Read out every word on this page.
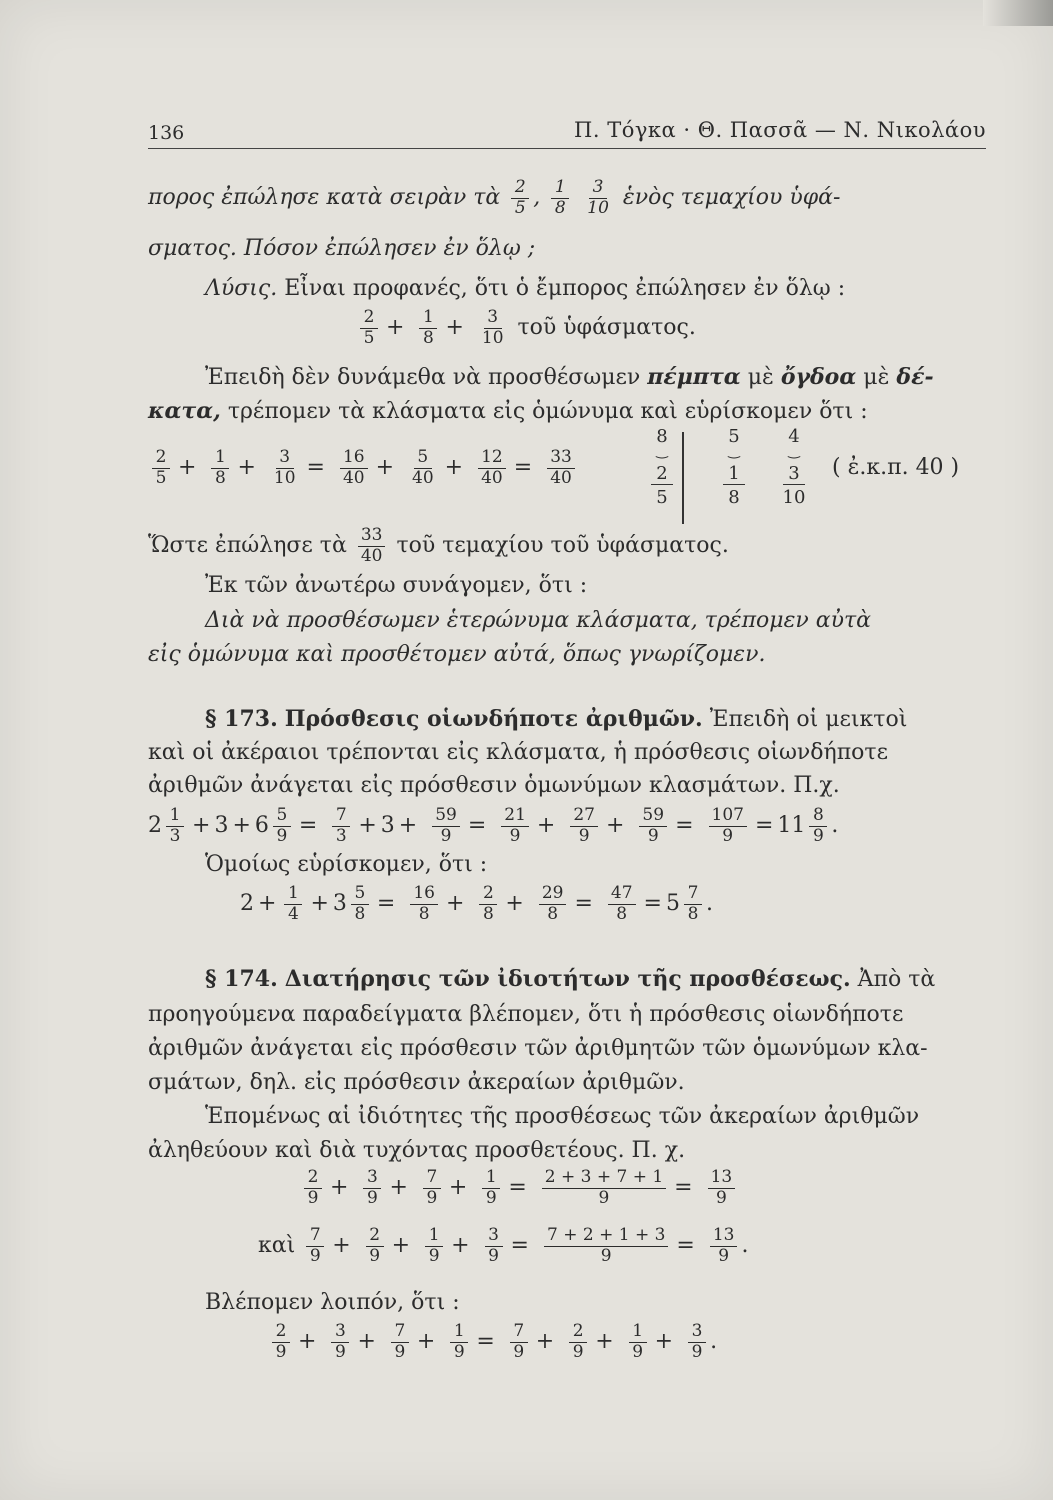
136	Π. Τόγκα · Θ. Πασσᾶ — Ν. Νικολάου
πορος ἐπώλησε κατὰ σειρὰν τὰ $\frac{2}{5}$ , $\frac{1}{8}$
$\frac{3}{10}$ ἑνὸς τεμαχίου ὑφά-
σματος. Πόσον ἐπώλησεν ἐν ὅλῳ ;
Λύσις. Εἶναι προφανές, ὅτι ὁ ἔμπορος ἐπώλησεν ἐν ὅλῳ :
$\frac{2}{5} + \frac{1}{8} + \frac{3}{10}$ τοῦ ὑφάσματος.
Ἐπειδὴ δὲν δυνάμεθα νὰ προσθέσωμεν πέμπτα μὲ ὄγδοα μὲ δέ-
κατα, τρέπομεν τὰ κλάσματα εἰς ὁμώνυμα καὶ εὑρίσκομεν ὅτι :
$\frac{2}{5} + \frac{1}{8} + \frac{3}{10} = \frac{16}{40} + \frac{5}{40} + \frac{12}{40} = \frac{33}{40}$
8
‿
2
5
5
‿
1
8
4
‿
3
10
( ἐ.κ.π. 40 )
Ὥστε ἐπώλησε τὰ $\frac{33}{40}$ τοῦ τεμαχίου τοῦ ὑφάσματος.
Ἐκ τῶν ἀνωτέρω συνάγομεν, ὅτι :
Διὰ νὰ προσθέσωμεν ἑτερώνυμα κλάσματα, τρέπομεν αὐτὰ
εἰς ὁμώνυμα καὶ προσθέτομεν αὐτά, ὅπως γνωρίζομεν.
§ 173. Πρόσθεσις οἱωνδήποτε ἀριθμῶν. Ἐπειδὴ οἱ μεικτοὶ
καὶ οἱ ἀκέραιοι τρέπονται εἰς κλάσματα, ἡ πρόσθεσις οἱωνδήποτε
ἀριθμῶν ἀνάγεται εἰς πρόσθεσιν ὁμωνύμων κλασμάτων. Π.χ.
$2 \frac{1}{3} + 3 + 6 \frac{5}{9} = \frac{7}{3} + 3 + \frac{59}{9} = \frac{21}{9} + \frac{27}{9} + \frac{59}{9} = \frac{107}{9} = 11 \frac{8}{9}$ .
Ὁμοίως εὑρίσκομεν, ὅτι :
$2 + \frac{1}{4} + 3 \frac{5}{8} = \frac{16}{8} + \frac{2}{8} + \frac{29}{8} = \frac{47}{8} = 5 \frac{7}{8}$ .
§ 174. Διατήρησις τῶν ἰδιοτήτων τῆς προσθέσεως. Ἀπὸ τὰ
προηγούμενα παραδείγματα βλέπομεν, ὅτι ἡ πρόσθεσις οἱωνδήποτε
ἀριθμῶν ἀνάγεται εἰς πρόσθεσιν τῶν ἀριθμητῶν τῶν ὁμωνύμων κλα-
σμάτων, δηλ. εἰς πρόσθεσιν ἀκεραίων ἀριθμῶν.
Ἑπομένως αἱ ἰδιότητες τῆς προσθέσεως τῶν ἀκεραίων ἀριθμῶν
ἀληθεύουν καὶ διὰ τυχόντας προσθετέους. Π. χ.
$\frac{2}{9} + \frac{3}{9} + \frac{7}{9} + \frac{1}{9} = \frac{2 + 3 + 7 + 1}{9} = \frac{13}{9}$
καὶ $\frac{7}{9} + \frac{2}{9} + \frac{1}{9} + \frac{3}{9} = \frac{7 + 2 + 1 + 3}{9} = \frac{13}{9}$ .
Βλέπομεν λοιπόν, ὅτι :
$\frac{2}{9} + \frac{3}{9} + \frac{7}{9} + \frac{1}{9} = \frac{7}{9} + \frac{2}{9} + \frac{1}{9} + \frac{3}{9}$ .
